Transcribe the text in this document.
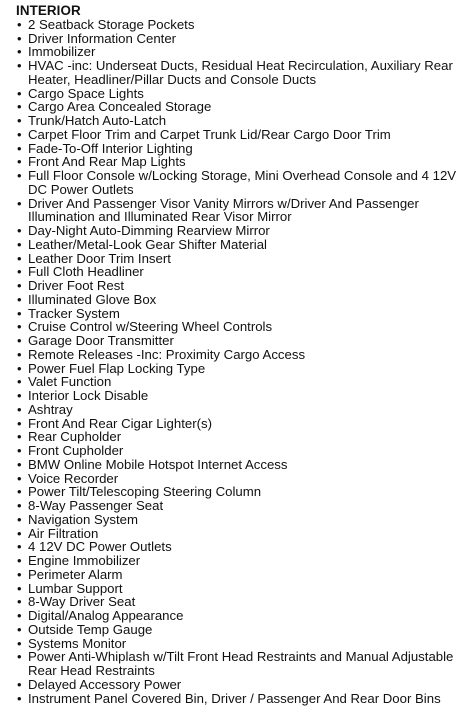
INTERIOR
• 2 Seatback Storage Pockets
• Driver Information Center
• Immobilizer
• HVAC -inc: Underseat Ducts, Residual Heat Recirculation, Auxiliary Rear Heater, Headliner/Pillar Ducts and Console Ducts
• Cargo Space Lights
• Cargo Area Concealed Storage
• Trunk/Hatch Auto-Latch
• Carpet Floor Trim and Carpet Trunk Lid/Rear Cargo Door Trim
• Fade-To-Off Interior Lighting
• Front And Rear Map Lights
• Full Floor Console w/Locking Storage, Mini Overhead Console and 4 12V DC Power Outlets
• Driver And Passenger Visor Vanity Mirrors w/Driver And Passenger Illumination and Illuminated Rear Visor Mirror
• Day-Night Auto-Dimming Rearview Mirror
• Leather/Metal-Look Gear Shifter Material
• Leather Door Trim Insert
• Full Cloth Headliner
• Driver Foot Rest
• Illuminated Glove Box
• Tracker System
• Cruise Control w/Steering Wheel Controls
• Garage Door Transmitter
• Remote Releases -Inc: Proximity Cargo Access
• Power Fuel Flap Locking Type
• Valet Function
• Interior Lock Disable
• Ashtray
• Front And Rear Cigar Lighter(s)
• Rear Cupholder
• Front Cupholder
• BMW Online Mobile Hotspot Internet Access
• Voice Recorder
• Power Tilt/Telescoping Steering Column
• 8-Way Passenger Seat
• Navigation System
• Air Filtration
• 4 12V DC Power Outlets
• Engine Immobilizer
• Perimeter Alarm
• Lumbar Support
• 8-Way Driver Seat
• Digital/Analog Appearance
• Outside Temp Gauge
• Systems Monitor
• Power Anti-Whiplash w/Tilt Front Head Restraints and Manual Adjustable Rear Head Restraints
• Delayed Accessory Power
• Instrument Panel Covered Bin, Driver / Passenger And Rear Door Bins
